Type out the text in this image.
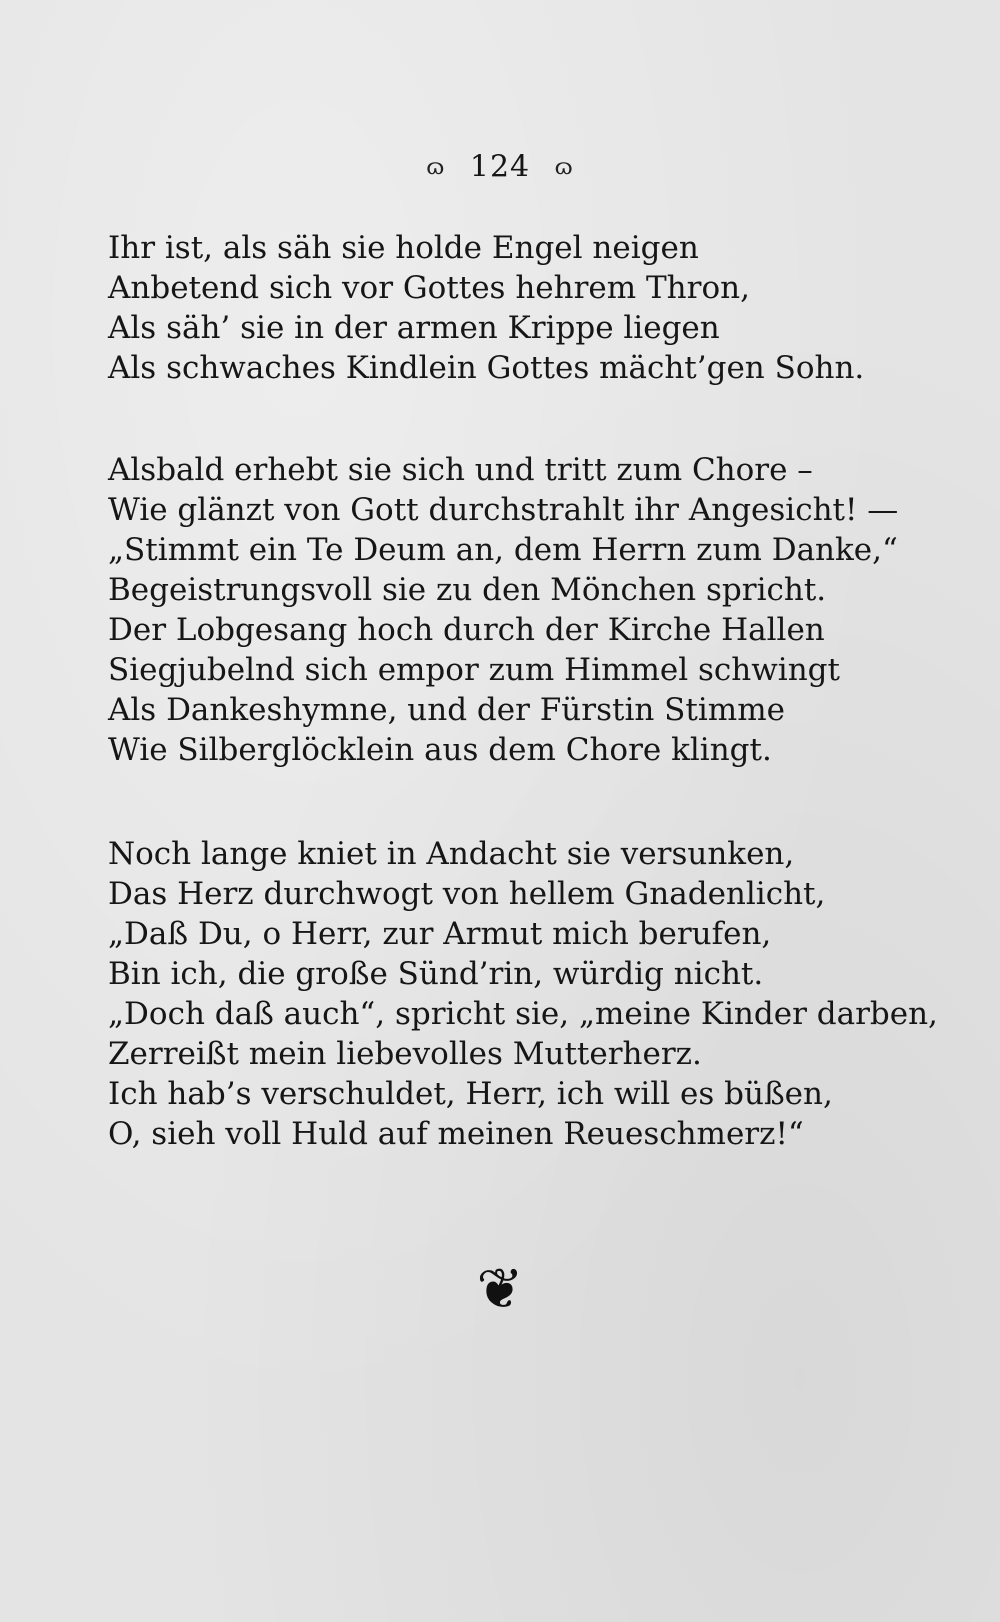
ɷ 124 ɷ
Ihr ist, als säh sie holde Engel neigen
Anbetend sich vor Gottes hehrem Thron,
Als säh’ sie in der armen Krippe liegen
Als schwaches Kindlein Gottes mächt’gen Sohn.
Alsbald erhebt sie sich und tritt zum Chore –
Wie glänzt von Gott durchstrahlt ihr Angesicht! —
„Stimmt ein Te Deum an, dem Herrn zum Danke,“
Begeistrungsvoll sie zu den Mönchen spricht.
Der Lobgesang hoch durch der Kirche Hallen
Siegjubelnd sich empor zum Himmel schwingt
Als Dankeshymne, und der Fürstin Stimme
Wie Silberglöcklein aus dem Chore klingt.
Noch lange kniet in Andacht sie versunken,
Das Herz durchwogt von hellem Gnadenlicht,
„Daß Du, o Herr, zur Armut mich berufen,
Bin ich, die große Sünd’rin, würdig nicht.
„Doch daß auch“, spricht sie, „meine Kinder darben,
Zerreißt mein liebevolles Mutterherz.
Ich hab’s verschuldet, Herr, ich will es büßen,
O, sieh voll Huld auf meinen Reueschmerz!“
❦
